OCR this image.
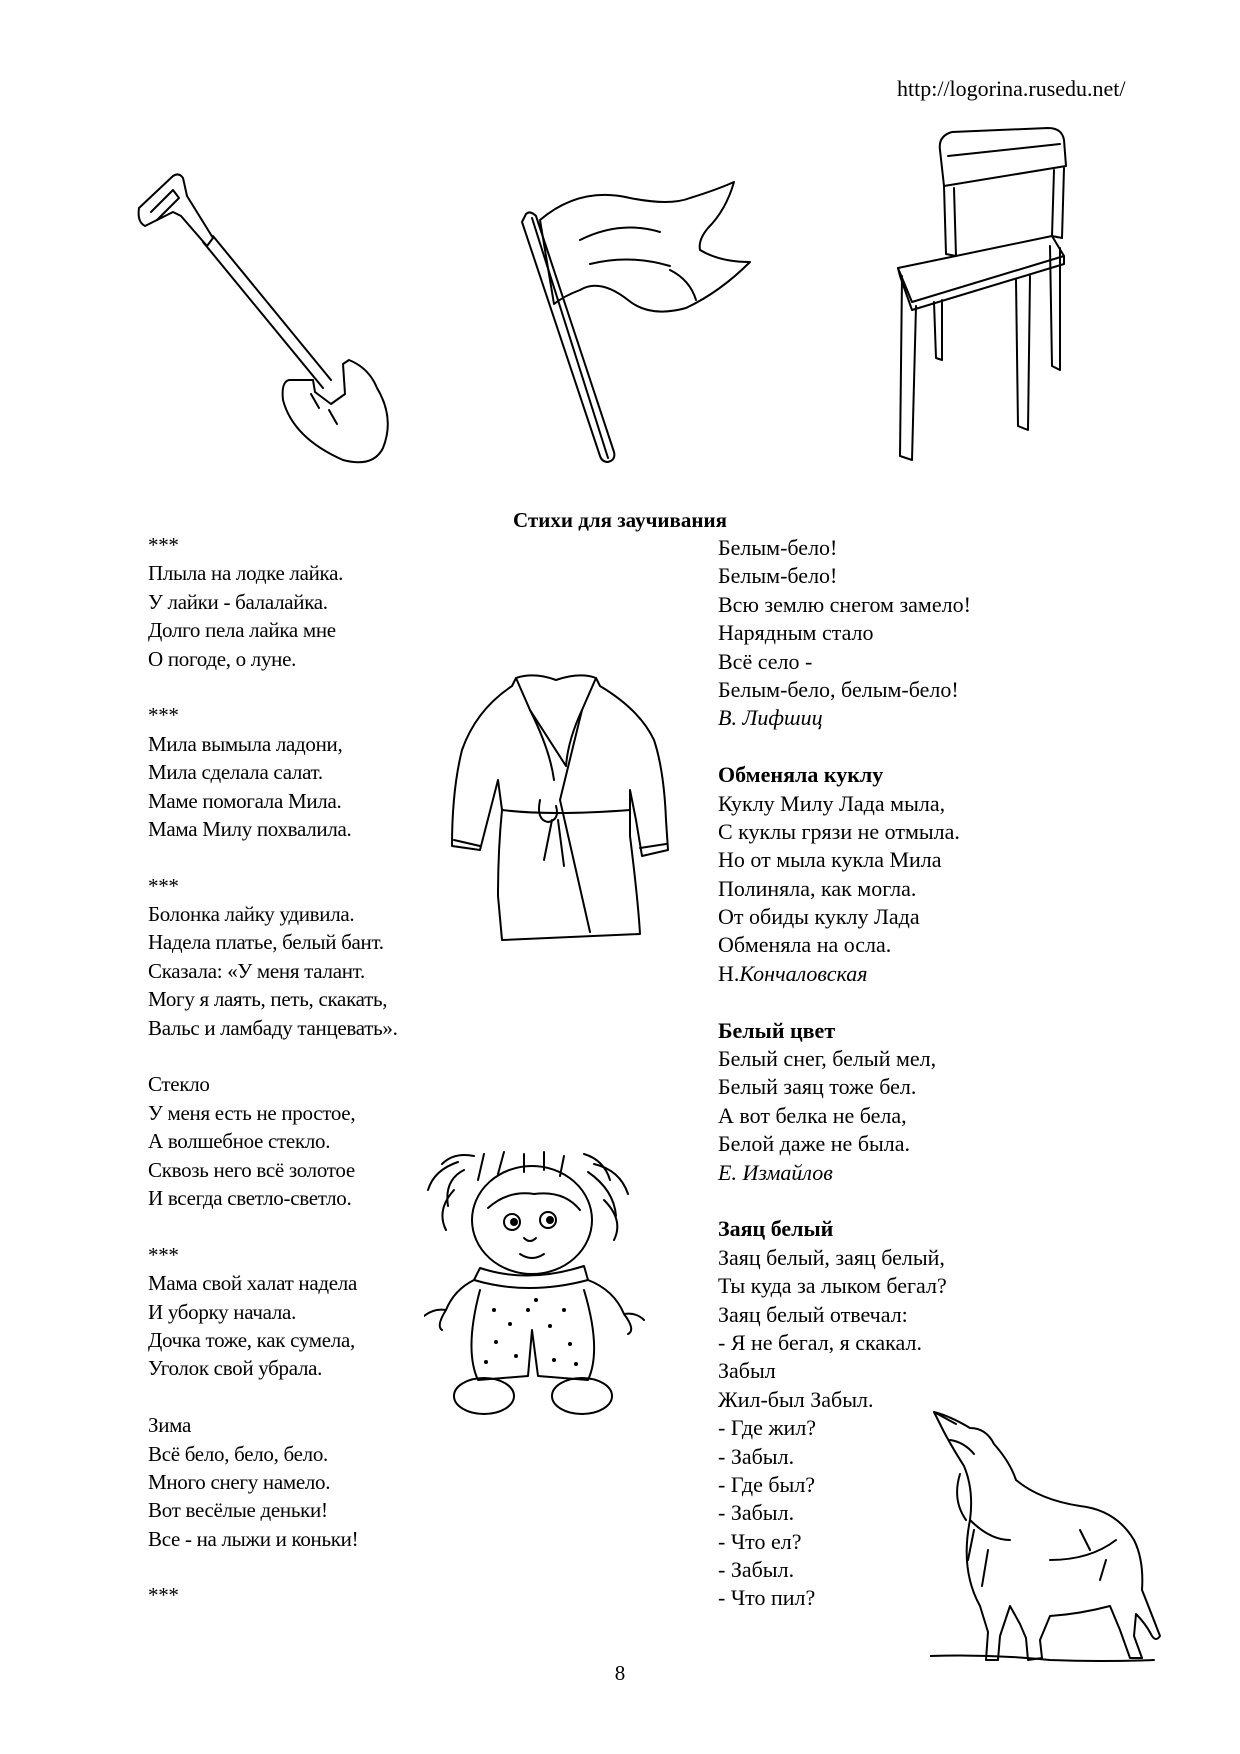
http://logorina.rusedu.net/
Стихи для заучивания
***
Плыла на лодке лайка.
У лайки - балалайка.
Долго пела лайка мне
О погоде, о луне.
***
Мила вымыла ладони,
Мила сделала салат.
Маме помогала Мила.
Мама Милу похвалила.
***
Болонка лайку удивила.
Надела платье, белый бант.
Сказала: «У меня талант.
Могу я лаять, петь, скакать,
Вальс и ламбаду танцевать».
Стекло
У меня есть не простое,
А волшебное стекло.
Сквозь него всё золотое
И всегда светло-светло.
***
Мама свой халат надела
И уборку начала.
Дочка тоже, как сумела,
Уголок свой убрала.
Зима
Всё бело, бело, бело.
Много снегу намело.
Вот весёлые деньки!
Все - на лыжи и коньки!
***
Белым-бело!
Белым-бело!
Всю землю снегом замело!
Нарядным стало
Всё село -
Белым-бело, белым-бело!
В. Лифшиц
Обменяла куклу
Куклу Милу Лада мыла,
С куклы грязи не отмыла.
Но от мыла кукла Мила
Полиняла, как могла.
От обиды куклу Лада
Обменяла на осла.
Н.Кончаловская
Белый цвет
Белый снег, белый мел,
Белый заяц тоже бел.
А вот белка не бела,
Белой даже не была.
Е. Измайлов
Заяц белый
Заяц белый, заяц белый,
Ты куда за лыком бегал?
Заяц белый отвечал:
- Я не бегал, я скакал.
Забыл
Жил-был Забыл.
- Где жил?
- Забыл.
- Где был?
- Забыл.
- Что ел?
- Забыл.
- Что пил?
8
